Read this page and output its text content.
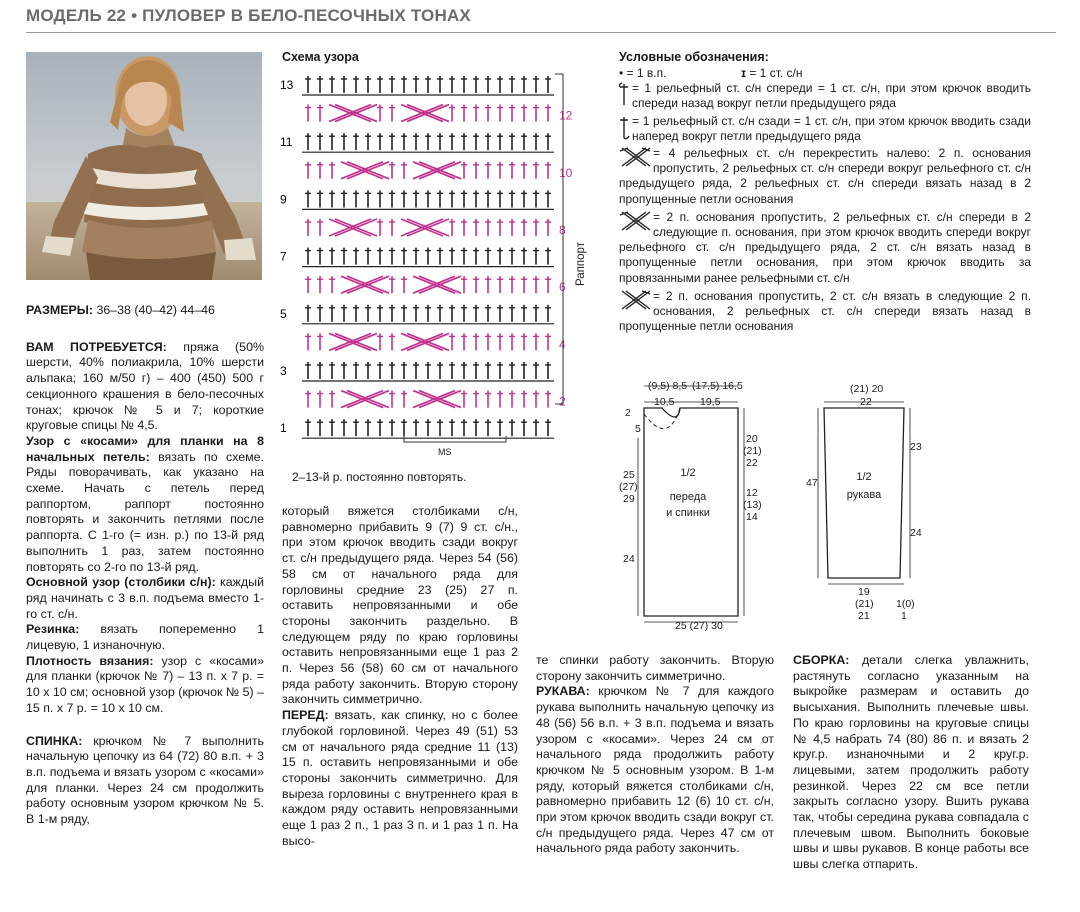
МОДЕЛЬ 22 • ПУЛОВЕР В БЕЛО-ПЕСОЧНЫХ ТОНАХ
Схема узора
13
12
11
10
9
8
7
6
5
4
3
2
1
Раппорт
MS
2–13-й р. постоянно повторять.
Условные обозначения:
• = 1 в.п.	ɪ = 1 ст. с/н

= 1 рельефный ст. с/н спереди = 1 ст. с/н, при этом крючок вводить спереди назад вокруг петли предыдущего ряда

= 1 рельефный ст. с/н сзади = 1 ст. с/н, при этом крючок вводить сзади наперед вокруг петли предыдущего ряда

= 4 рельефных ст. с/н перекрестить налево: 2 п. основания пропустить, 2 рельефных ст. с/н спереди вокруг рельефного ст. с/н предыдущего ряда, 2 рельефных ст. с/н спереди вязать назад в 2 пропущенные петли основания

= 2 п. основания пропустить, 2 рельефных ст. с/н спереди в 2 следующие п. основания, при этом крючок вводить спереди вокруг рельефного ст. с/н предыдущего ряда, 2 ст. с/н вязать назад в пропущенные петли основания, при этом крючок вводить за провязанными ранее рельефными ст. с/н

= 2 п. основания пропустить, 2 ст. с/н вязать в следующие 2 п. основания, 2 рельефных ст. с/н спереди вязать назад в пропущенные петли основания

(9,5) 8,5 (17,5) 16,5
10,5 19,5
2
5
1/2
переда
и спинки
25
(27)
29
24
20
(21)
22
12
(13)
14
25 (27) 30
(21) 20
22
47	1/2
рукава
23
24
19
(21)
21
1(0)
1

РАЗМЕРЫ: 36–38 (40–42) 44–46

ВАМ ПОТРЕБУЕТСЯ: пряжа (50% шерсти, 40% полиакрила, 10% шерсти альпака; 160 м/50 г) – 400 (450) 500 г секционного крашения в бело-песочных тонах; крючок № 5 и 7; короткие круговые спицы № 4,5.

Узор с «косами» для планки на 8 начальных петель: вязать по схеме. Ряды поворачивать, как указано на схеме. Начать с петель перед раппортом, раппорт постоянно повторять и закончить петлями после раппорта. С 1-го (= изн. р.) по 13-й ряд выполнить 1 раз, затем постоянно повторять со 2-го по 13-й ряд.

Основной узор (столбики с/н): каждый ряд начинать с 3 в.п. подъема вместо 1-го ст. с/н.

Резинка: вязать попеременно 1 лицевую, 1 изнаночную.

Плотность вязания: узор с «косами» для планки (крючок № 7) – 13 п. х 7 р. = 10 х 10 см; основной узор (крючок № 5) – 15 п. х 7 р. = 10 х 10 см.

СПИНКА: крючком № 7 выполнить начальную цепочку из 64 (72) 80 в.п. + 3 в.п. подъема и вязать узором с «косами» для планки. Через 24 см продолжить работу основным узором крючком № 5. В 1-м ряду,

который вяжется столбиками с/н, равномерно прибавить 9 (7) 9 ст. с/н., при этом крючок вводить сзади вокруг ст. с/н предыдущего ряда. Через 54 (56) 58 см от начального ряда для горловины средние 23 (25) 27 п. оставить непровязанными и обе стороны закончить раздельно. В следующем ряду по краю горловины оставить непровязанными еще 1 раз 2 п. Через 56 (58) 60 см от начального ряда работу закончить. Вторую сторону закончить симметрично.

ПЕРЕД: вязать, как спинку, но с более глубокой горловиной. Через 49 (51) 53 см от начального ряда средние 11 (13) 15 п. оставить непровязанными и обе стороны закончить симметрично. Для выреза горловины с внутреннего края в каждом ряду оставить непровязанными еще 1 раз 2 п., 1 раз 3 п. и 1 раз 1 п. На высо-

те спинки работу закончить. Вторую сторону закончить симметрично.

РУКАВА: крючком № 7 для каждого рукава выполнить начальную цепочку из 48 (56) 56 в.п. + 3 в.п. подъема и вязать узором с «косами». Через 24 см от начального ряда продолжить работу крючком № 5 основным узором. В 1-м ряду, который вяжется столбиками с/н, равномерно прибавить 12 (6) 10 ст. с/н, при этом крючок вводить сзади вокруг ст. с/н предыдущего ряда. Через 47 см от начального ряда работу закончить.

СБОРКА: детали слегка увлажнить, растянуть согласно указанным на выкройке размерам и оставить до высыхания. Выполнить плечевые швы. По краю горловины на круговые спицы № 4,5 набрать 74 (80) 86 п. и вязать 2 круг.р. изнаночными и 2 круг.р. лицевыми, затем продолжить работу резинкой. Через 22 см все петли закрыть согласно узору. Вшить рукава так, чтобы середина рукава совпадала с плечевым швом. Выполнить боковые швы и швы рукавов. В конце работы все швы слегка отпарить.
